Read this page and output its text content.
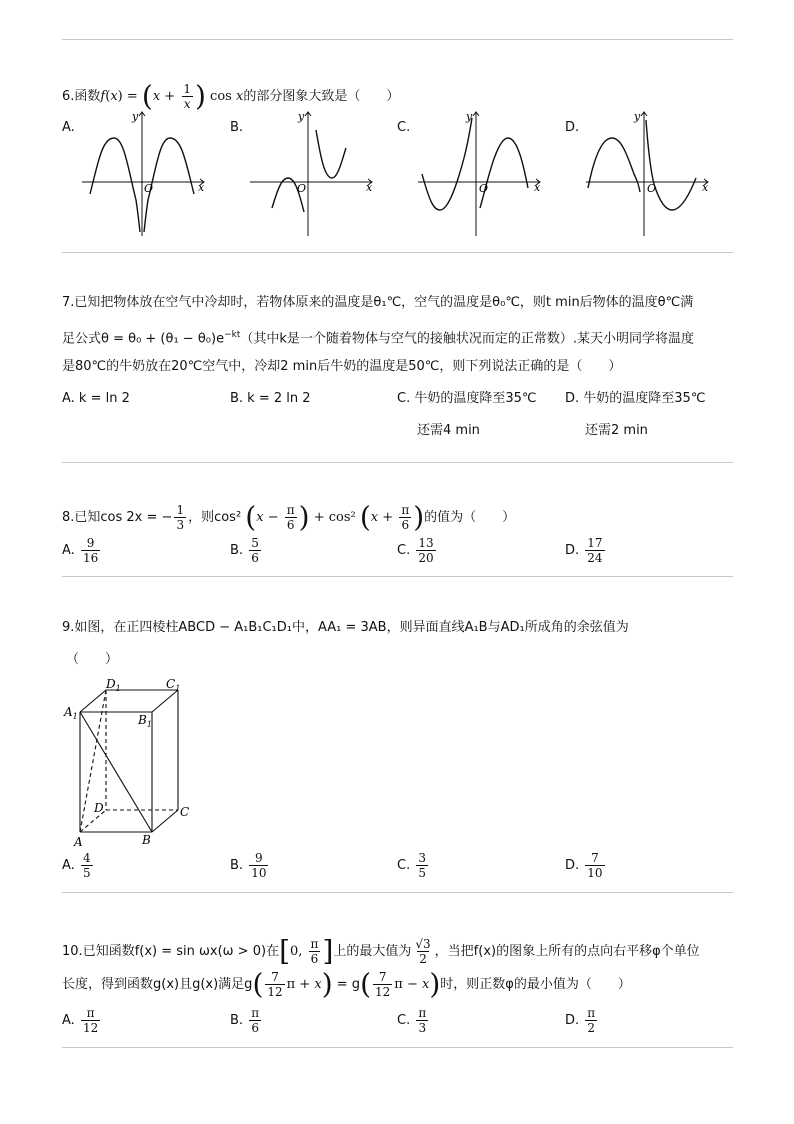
6.函数$f(x) = (x + \frac{1}{x}$ ) cos x的部分图象大致是（　　）
A.	B.	C.	D.
y
x
O
y
x
O
y
x
O
y
x
O
7.已知把物体放在空气中冷却时，若物体原来的温度是θ₁℃，空气的温度是θ₀℃，则t min后物体的温度θ℃满
足公式$\theta = \theta_0 + (\theta_1 - \theta_0)e^{-kt}$（其中k是一个随着物体与空气的接触状况而定的正常数）.某天小明同学将温度
是80℃的牛奶放在20℃空气中，冷却2 min后牛奶的温度是50℃，则下列说法正确的是（　　）
A. k = ln 2	B. k = 2 ln 2	C. 牛奶的温度降至35℃
还需4 min
D. 牛奶的温度降至35℃
还需2 min
8.已知cos 2x = − $\frac{1}{3}$ ，则cos² ($x - \frac{\pi}{6}$ ) + cos² ($x + \frac{\pi}{6}$ )的值为（　　）
A. $\frac{9}{16}$	B. $\frac{5}{6}$	C. $\frac{13}{20}$	D. $\frac{17}{24}$
9.如图，在正四棱柱ABCD − A₁B₁C₁D₁中，AA₁ = 3AB，则异面直线A₁B与AD₁所成角的余弦值为
（　　）
$D_1$	$C_1$
$A_1$	$B_1$
D	C
A	B
A. $\frac{4}{5}$	B. $\frac{9}{10}$	C. $\frac{3}{5}$	D. $\frac{7}{10}$
10.已知函数f(x) = sin ωx(ω > 0)在[0, $\frac{\pi}{6}$ ]上的最大值为 $\frac{√3}{2}$ ，当把f(x)的图象上所有的点向右平移φ个单位
长度，得到函数g(x)且g(x)满足$g( \frac{7}{12}$ $\pi + x) = g( \frac{7}{12}$ π − x)时，则正数φ的最小值为（　　）
A. $\frac{\pi}{12}$	B. $\frac{\pi}{6}$	C. $\frac{\pi}{3}$	D. $\frac{\pi}{2}$
